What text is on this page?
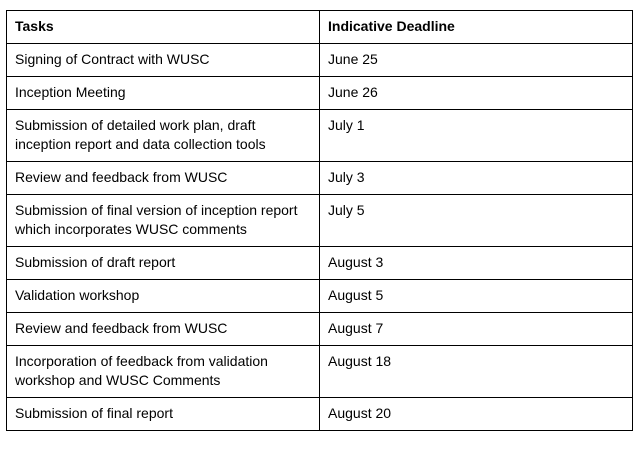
Tasks	Indicative Deadline
Signing of Contract with WUSC	June 25
Inception Meeting	June 26
Submission of detailed work plan, draft inception report and data collection tools	July 1
Review and feedback from WUSC	July 3
Submission of final version of inception report which incorporates WUSC comments	July 5
Submission of draft report	August 3
Validation workshop	August 5
Review and feedback from WUSC	August 7
Incorporation of feedback from validation workshop and WUSC Comments	August 18
Submission of final report	August 20
